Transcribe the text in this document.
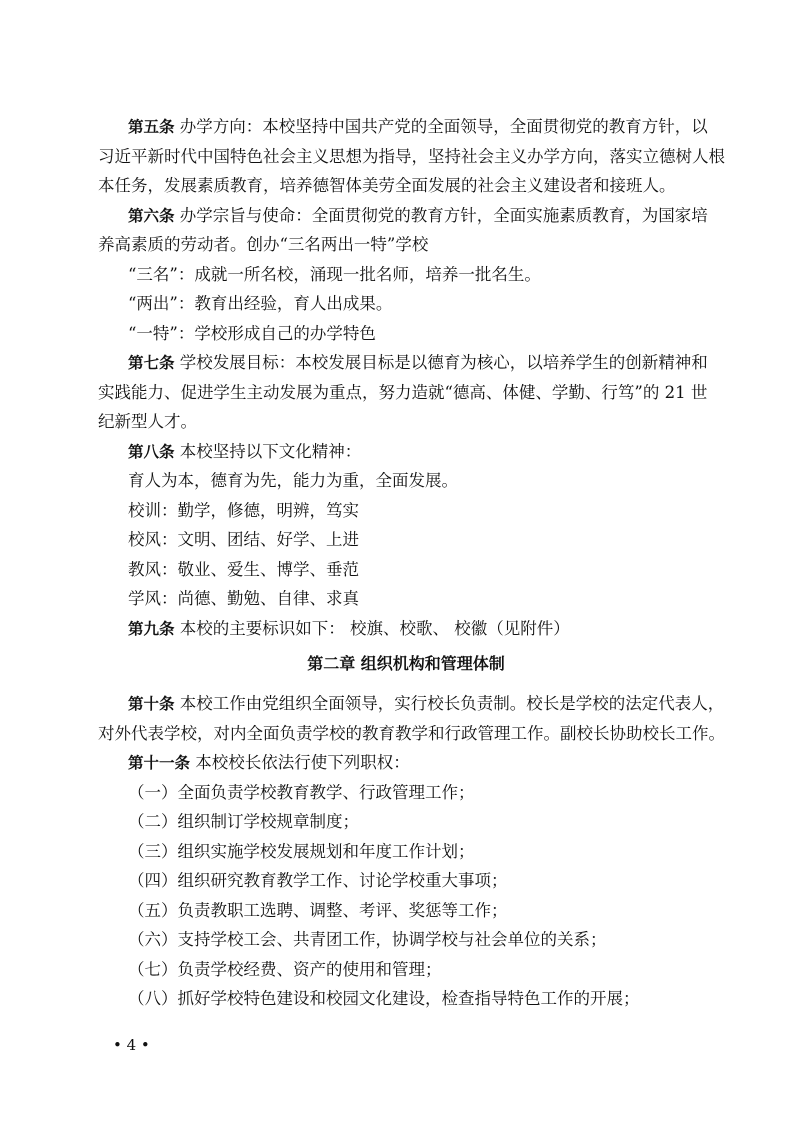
第五条 办学方向：本校坚持中国共产党的全面领导，全面贯彻党的教育方针，以
习近平新时代中国特色社会主义思想为指导，坚持社会主义办学方向，落实立德树人根
本任务，发展素质教育，培养德智体美劳全面发展的社会主义建设者和接班人。
第六条 办学宗旨与使命：全面贯彻党的教育方针，全面实施素质教育，为国家培
养高素质的劳动者。创办“三名两出一特”学校
“三名”：成就一所名校，涌现一批名师，培养一批名生。
“两出”：教育出经验，育人出成果。
“一特”：学校形成自己的办学特色
第七条 学校发展目标：本校发展目标是以德育为核心，以培养学生的创新精神和
实践能力、促进学生主动发展为重点，努力造就“德高、体健、学勤、行笃”的 21 世
纪新型人才。
第八条 本校坚持以下文化精神：
育人为本，德育为先，能力为重，全面发展。
校训：勤学，修德，明辨，笃实
校风：文明、团结、好学、上进
教风：敬业、爱生、博学、垂范
学风：尚德、勤勉、自律、求真
第九条 本校的主要标识如下： 校旗、校歌、 校徽（见附件）
第二章 组织机构和管理体制
第十条 本校工作由党组织全面领导，实行校长负责制。校长是学校的法定代表人，
对外代表学校，对内全面负责学校的教育教学和行政管理工作。副校长协助校长工作。
第十一条 本校校长依法行使下列职权：
（一）全面负责学校教育教学、行政管理工作；
（二）组织制订学校规章制度；
（三）组织实施学校发展规划和年度工作计划；
（四）组织研究教育教学工作、讨论学校重大事项；
（五）负责教职工选聘、调整、考评、奖惩等工作；
（六）支持学校工会、共青团工作，协调学校与社会单位的关系；
（七）负责学校经费、资产的使用和管理；
（八）抓好学校特色建设和校园文化建设，检查指导特色工作的开展；
• 4 •
